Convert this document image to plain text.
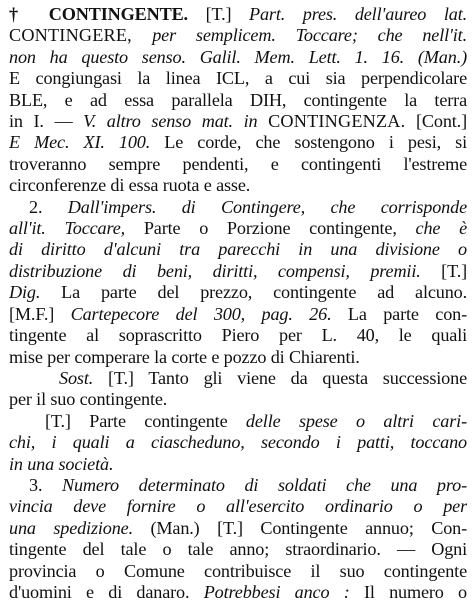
† CONTINGENTE. [T.] Part. pres. dell'aureo lat.
CONTINGERE, per semplicem. Toccare; che nell'it.
non ha questo senso. Galil. Mem. Lett. 1. 16. (Man.)
E congiungasi la linea ICL, a cui sia perpendicolare
BLE, e ad essa parallela DIH, contingente la terra
in I. — V. altro senso mat. in CONTINGENZA. [Cont.]
E Mec. XI. 100. Le corde, che sostengono i pesi, si
troveranno sempre pendenti, e contingenti l'estreme
circonferenze di essa ruota e asse.
2. Dall'impers. di Contingere, che corrisponde
all'it. Toccare, Parte o Porzione contingente, che è
di diritto d'alcuni tra parecchi in una divisione o
distribuzione di beni, diritti, compensi, premii. [T.]
Dig. La parte del prezzo, contingente ad alcuno.
[M.F.] Cartepecore del 300, pag. 26. La parte con-
tingente al soprascritto Piero per L. 40, le quali
mise per comperare la corte e pozzo di Chiarenti.
Sost. [T.] Tanto gli viene da questa successione
per il suo contingente.
[T.] Parte contingente delle spese o altri cari-
chi, i quali a ciascheduno, secondo i patti, toccano
in una società.
3. Numero determinato di soldati che una pro-
vincia deve fornire o all'esercito ordinario o per
una spedizione. (Man.) [T.] Contingente annuo; Con-
tingente del tale o tale anno; straordinario. — Ogni
provincia o Comune contribuisce il suo contingente
d'uomini e di danaro. Potrebbesi anco : Il numero o
